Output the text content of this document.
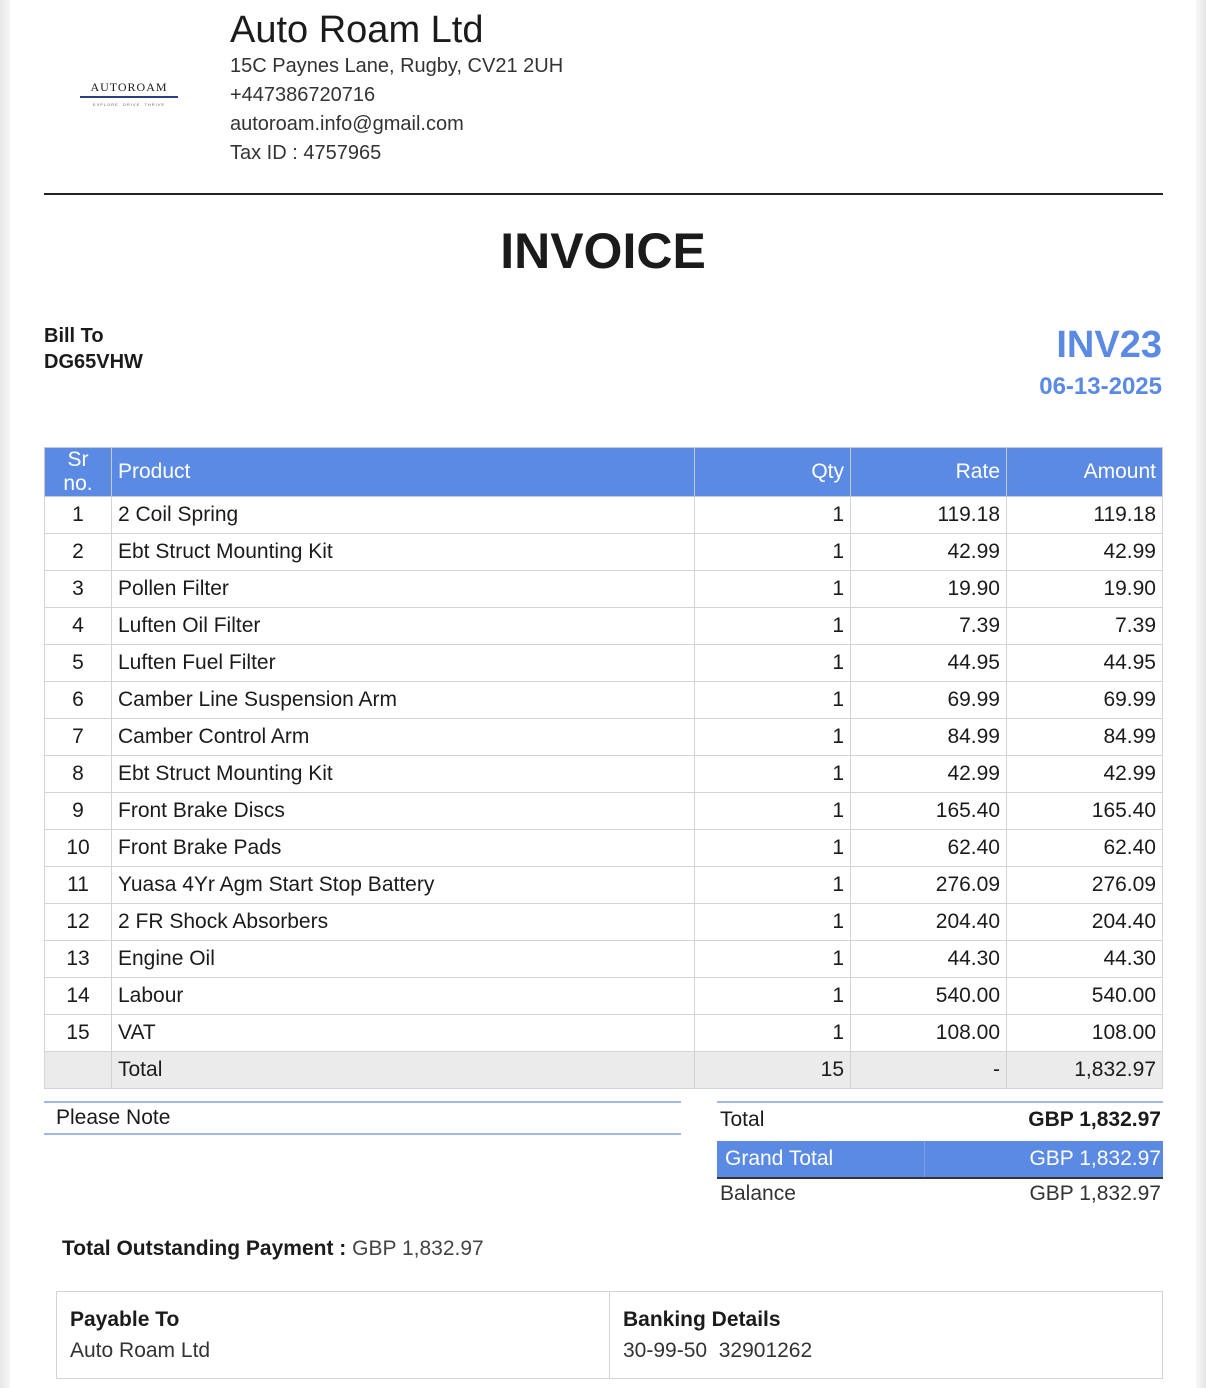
AUTOROAM
EXPLORE. DRIVE. THRIVE
Auto Roam Ltd
15C Paynes Lane, Rugby, CV21 2UH
+447386720716
autoroam.info@gmail.com
Tax ID : 4757965
INVOICE
Bill To
DG65VHW	INV23
06-13-2025
Sr no.	Product	Qty	Rate	Amount
1	2 Coil Spring	1	119.18	119.18
2	Ebt Struct Mounting Kit	1	42.99	42.99
3	Pollen Filter	1	19.90	19.90
4	Luften Oil Filter	1	7.39	7.39
5	Luften Fuel Filter	1	44.95	44.95
6	Camber Line Suspension Arm	1	69.99	69.99
7	Camber Control Arm	1	84.99	84.99
8	Ebt Struct Mounting Kit	1	42.99	42.99
9	Front Brake Discs	1	165.40	165.40
10	Front Brake Pads	1	62.40	62.40
11	Yuasa 4Yr Agm Start Stop Battery	1	276.09	276.09
12	2 FR Shock Absorbers	1	204.40	204.40
13	Engine Oil	1	44.30	44.30
14	Labour	1	540.00	540.00
15	VAT	1	108.00	108.00
	Total	15	-	1,832.97
Please Note	Total	GBP 1,832.97
Grand Total	GBP 1,832.97
Balance	GBP 1,832.97
Total Outstanding Payment : GBP 1,832.97
Payable To
Auto Roam Ltd
Banking Details
30-99-50  32901262
